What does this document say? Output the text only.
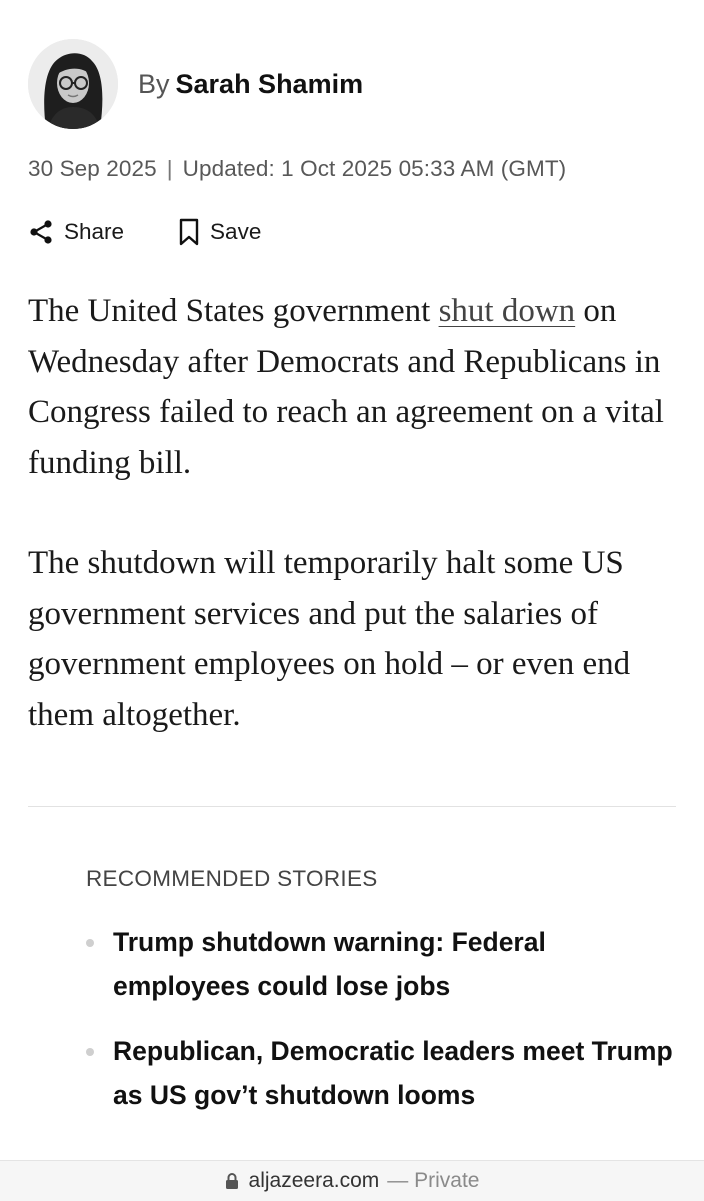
By Sarah Shamim
30 Sep 2025 | Updated: 1 Oct 2025 05:33 AM (GMT)
Share	Save

The United States government shut down on Wednesday after Democrats and Republicans in Congress failed to reach an agreement on a vital funding bill.

The shutdown will temporarily halt some US government services and put the salaries of government employees on hold – or even end them altogether.

RECOMMENDED STORIES
Trump shutdown warning: Federal employees could lose jobs
Republican, Democratic leaders meet Trump as US gov’t shutdown looms
aljazeera.com — Private
